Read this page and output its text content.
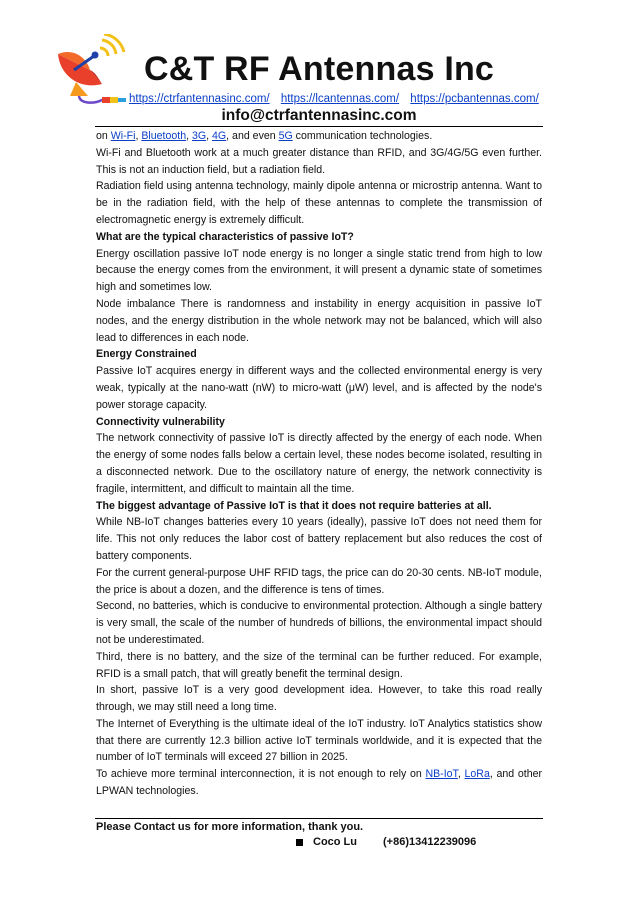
C&T RF Antennas Inc
https://ctrfantennasinc.com/ https://lcantennas.com/ https://pcbantennas.com/
info@ctrfantennasinc.com

on Wi-Fi, Bluetooth, 3G, 4G, and even 5G communication technologies.

Wi-Fi and Bluetooth work at a much greater distance than RFID, and 3G/4G/5G even further. This is not an induction field, but a radiation field.

Radiation field using antenna technology, mainly dipole antenna or microstrip antenna. Want to be in the radiation field, with the help of these antennas to complete the transmission of electromagnetic energy is extremely difficult.

What are the typical characteristics of passive IoT?

Energy oscillation passive IoT node energy is no longer a single static trend from high to low because the energy comes from the environment, it will present a dynamic state of sometimes high and sometimes low.

Node imbalance There is randomness and instability in energy acquisition in passive IoT nodes, and the energy distribution in the whole network may not be balanced, which will also lead to differences in each node.

Energy Constrained

Passive IoT acquires energy in different ways and the collected environmental energy is very weak, typically at the nano-watt (nW) to micro-watt (μW) level, and is affected by the node's power storage capacity.

Connectivity vulnerability

The network connectivity of passive IoT is directly affected by the energy of each node. When the energy of some nodes falls below a certain level, these nodes become isolated, resulting in a disconnected network. Due to the oscillatory nature of energy, the network connectivity is fragile, intermittent, and difficult to maintain all the time.

The biggest advantage of Passive IoT is that it does not require batteries at all.

While NB-IoT changes batteries every 10 years (ideally), passive IoT does not need them for life. This not only reduces the labor cost of battery replacement but also reduces the cost of battery components.

For the current general-purpose UHF RFID tags, the price can do 20-30 cents. NB-IoT module, the price is about a dozen, and the difference is tens of times.

Second, no batteries, which is conducive to environmental protection. Although a single battery is very small, the scale of the number of hundreds of billions, the environmental impact should not be underestimated.

Third, there is no battery, and the size of the terminal can be further reduced. For example, RFID is a small patch, that will greatly benefit the terminal design.

In short, passive IoT is a very good development idea. However, to take this road really through, we may still need a long time.

The Internet of Everything is the ultimate ideal of the IoT industry. IoT Analytics statistics show that there are currently 12.3 billion active IoT terminals worldwide, and it is expected that the number of IoT terminals will exceed 27 billion in 2025.

To achieve more terminal interconnection, it is not enough to rely on NB-IoT, LoRa, and other LPWAN technologies.

Please Contact us for more information, thank you.
Coco Lu (+86)13412239096
